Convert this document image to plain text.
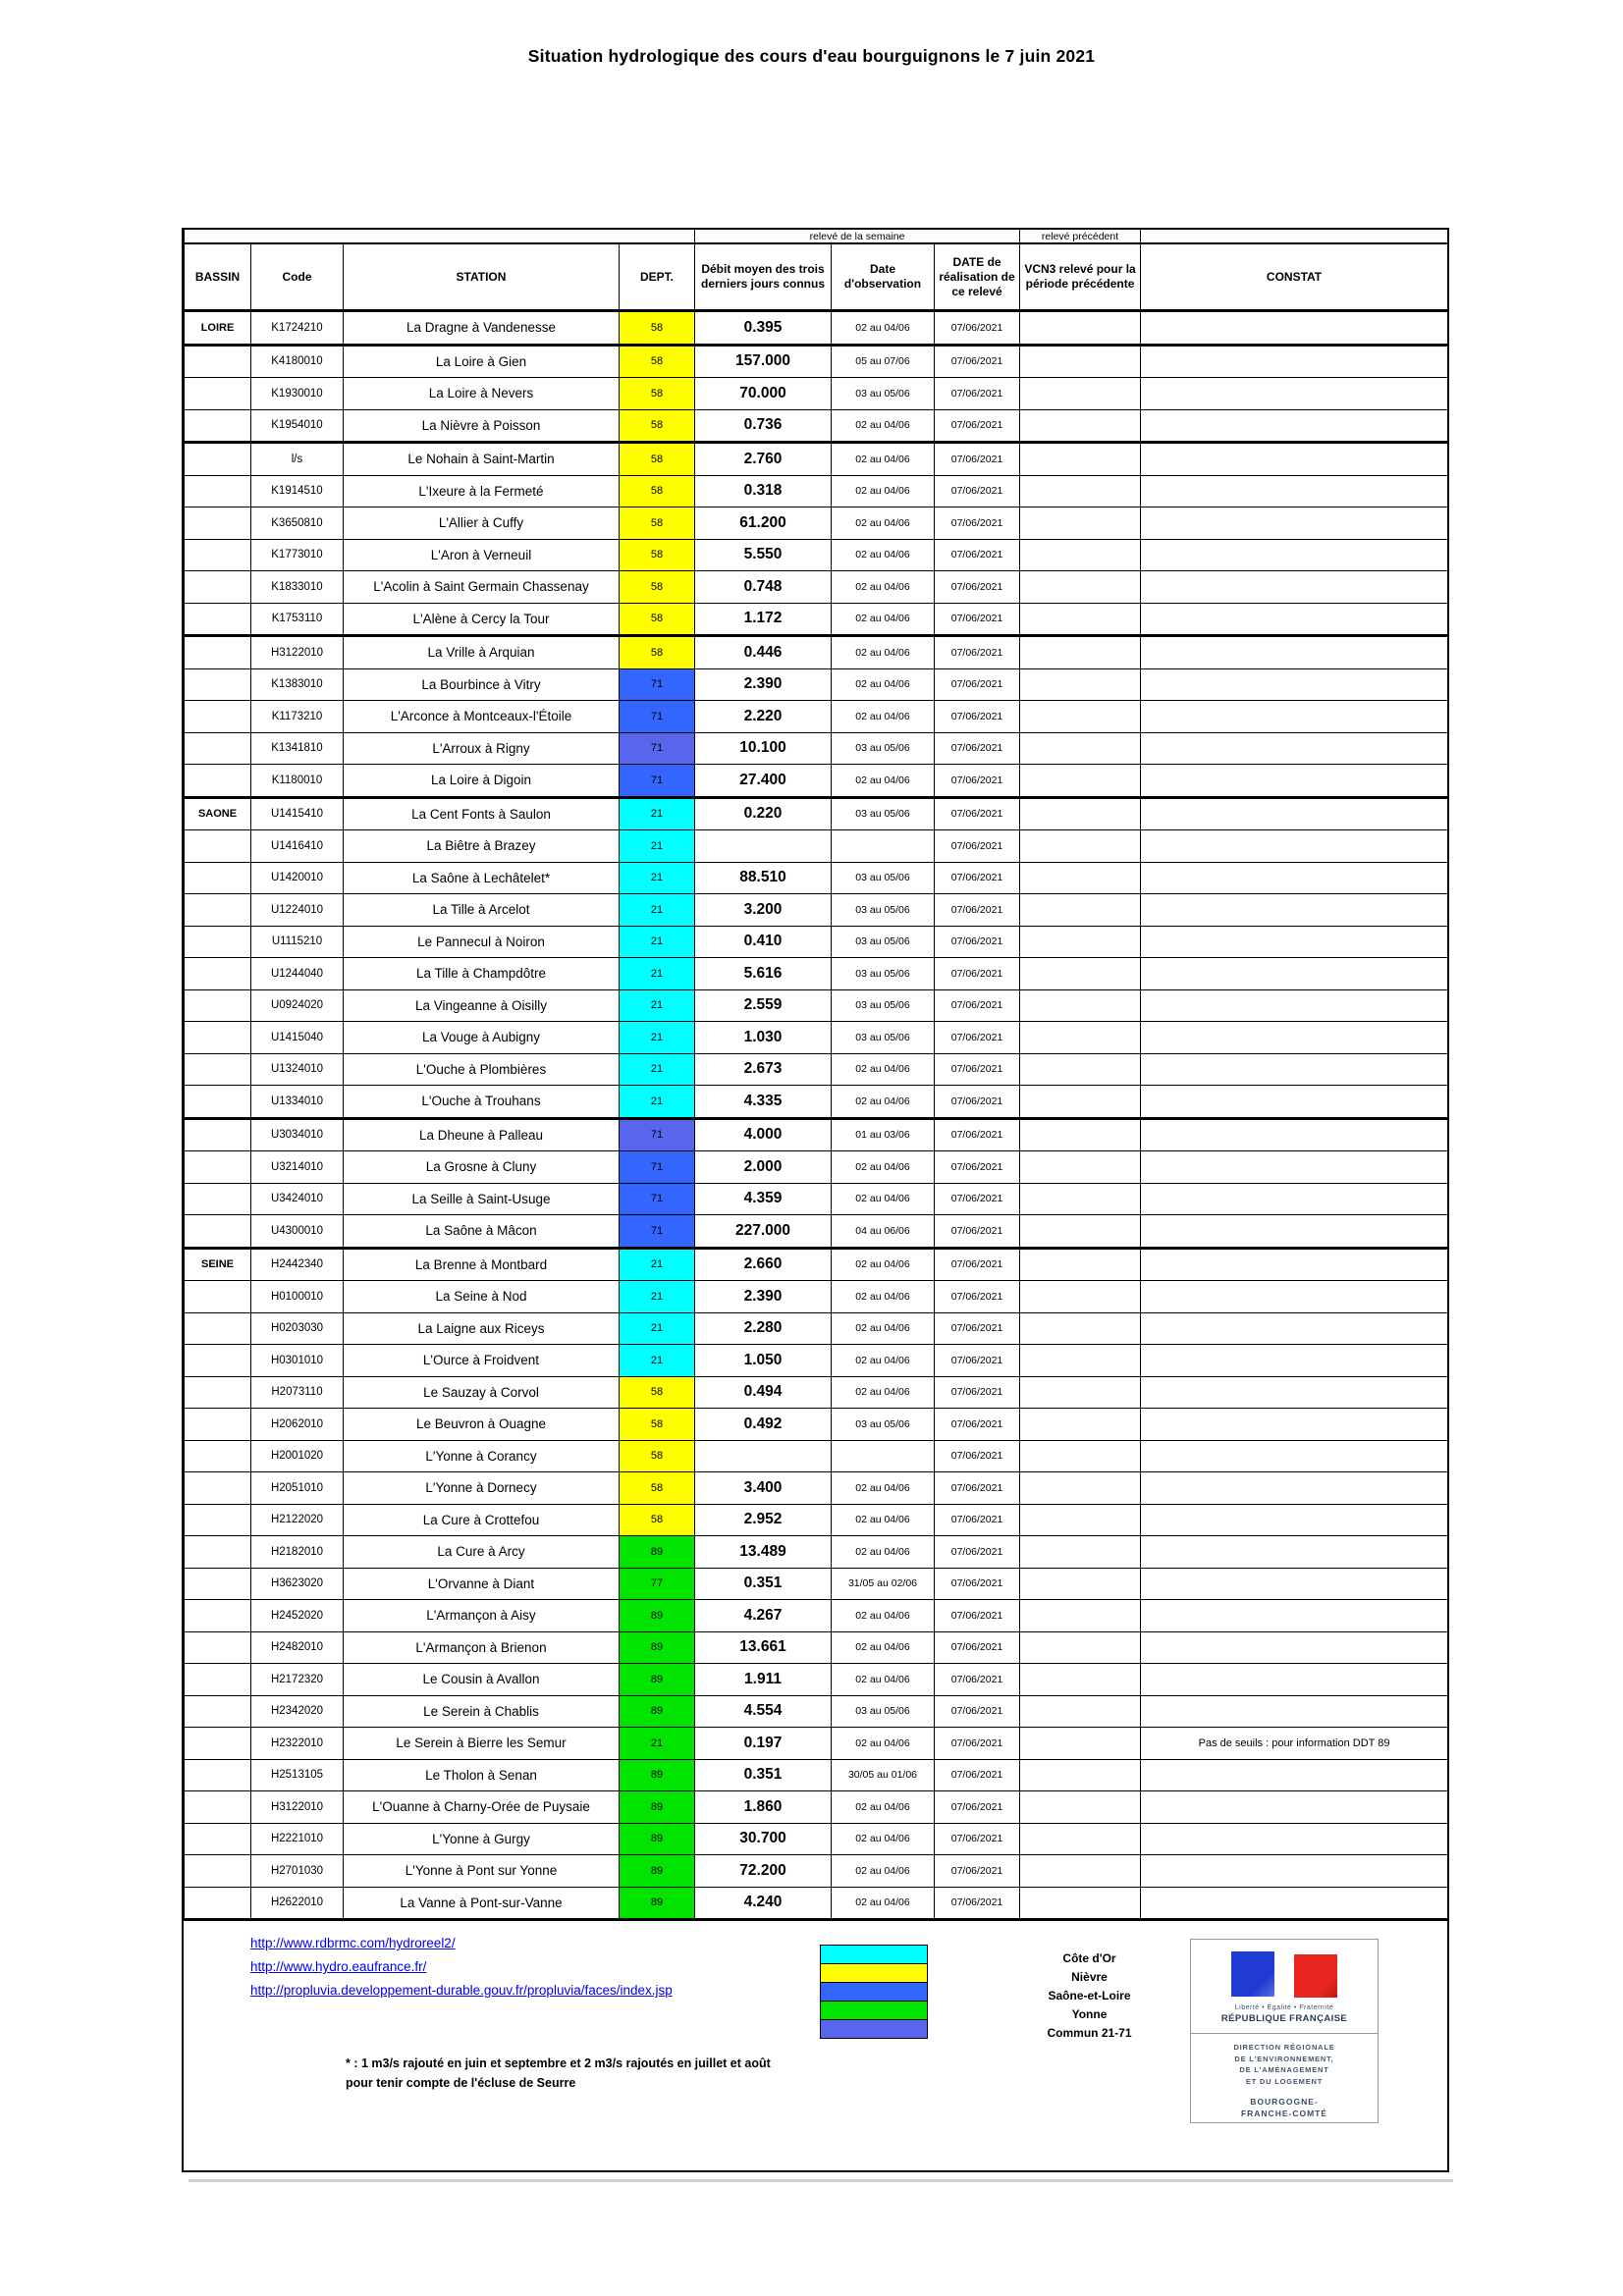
Situation hydrologique des cours d'eau bourguignons le 7 juin 2021
				relevé de la semaine			relevé précédent	
BASSIN	Code	STATION	DEPT.	Débit moyen des trois derniers jours connus	Date d'observation	DATE de réalisation de ce relevé	VCN3 relevé pour la période précédente	CONSTAT
LOIRE	K1724210	La Dragne à Vandenesse	58	0.395	02 au 04/06	07/06/2021		
	K4180010	La Loire à Gien	58	157.000	05 au 07/06	07/06/2021		
	K1930010	La Loire à Nevers	58	70.000	03 au 05/06	07/06/2021		
	K1954010	La Nièvre à Poisson	58	0.736	02 au 04/06	07/06/2021		
	l/s	Le Nohain à Saint-Martin	58	2.760	02 au 04/06	07/06/2021		
	K1914510	L'Ixeure à la Fermeté	58	0.318	02 au 04/06	07/06/2021		
	K3650810	L'Allier à Cuffy	58	61.200	02 au 04/06	07/06/2021		
	K1773010	L'Aron à Verneuil	58	5.550	02 au 04/06	07/06/2021		
	K1833010	L'Acolin à Saint Germain Chassenay	58	0.748	02 au 04/06	07/06/2021		
	K1753110	L'Alène à Cercy la Tour	58	1.172	02 au 04/06	07/06/2021		
	H3122010	La Vrille à Arquian	58	0.446	02 au 04/06	07/06/2021		
	K1383010	La Bourbince à Vitry	71	2.390	02 au 04/06	07/06/2021		
	K1173210	L'Arconce à Montceaux-l'Étoile	71	2.220	02 au 04/06	07/06/2021		
	K1341810	L'Arroux à Rigny	71	10.100	03 au 05/06	07/06/2021		
	K1180010	La Loire à Digoin	71	27.400	02 au 04/06	07/06/2021		
SAONE	U1415410	La Cent Fonts à Saulon	21	0.220	03 au 05/06	07/06/2021		
	U1416410	La Biêtre à Brazey	21			07/06/2021		
	U1420010	La Saône à Lechâtelet*	21	88.510	03 au 05/06	07/06/2021		
	U1224010	La Tille à Arcelot	21	3.200	03 au 05/06	07/06/2021		
	U1115210	Le Pannecul à Noiron	21	0.410	03 au 05/06	07/06/2021		
	U1244040	La Tille à Champdôtre	21	5.616	03 au 05/06	07/06/2021		
	U0924020	La Vingeanne à Oisilly	21	2.559	03 au 05/06	07/06/2021		
	U1415040	La Vouge à Aubigny	21	1.030	03 au 05/06	07/06/2021		
	U1324010	L'Ouche à Plombières	21	2.673	02 au 04/06	07/06/2021		
	U1334010	L'Ouche à Trouhans	21	4.335	02 au 04/06	07/06/2021		
	U3034010	La Dheune à Palleau	71	4.000	01 au 03/06	07/06/2021		
	U3214010	La Grosne à Cluny	71	2.000	02 au 04/06	07/06/2021		
	U3424010	La Seille à Saint-Usuge	71	4.359	02 au 04/06	07/06/2021		
	U4300010	La Saône à Mâcon	71	227.000	04 au 06/06	07/06/2021		
SEINE	H2442340	La Brenne à Montbard	21	2.660	02 au 04/06	07/06/2021		
	H0100010	La Seine à Nod	21	2.390	02 au 04/06	07/06/2021		
	H0203030	La Laigne aux Riceys	21	2.280	02 au 04/06	07/06/2021		
	H0301010	L'Ource à Froidvent	21	1.050	02 au 04/06	07/06/2021		
	H2073110	Le Sauzay à Corvol	58	0.494	02 au 04/06	07/06/2021		
	H2062010	Le Beuvron à Ouagne	58	0.492	03 au 05/06	07/06/2021		
	H2001020	L'Yonne à Corancy	58			07/06/2021		
	H2051010	L'Yonne à Dornecy	58	3.400	02 au 04/06	07/06/2021		
	H2122020	La Cure à Crottefou	58	2.952	02 au 04/06	07/06/2021		
	H2182010	La Cure à Arcy	89	13.489	02 au 04/06	07/06/2021		
	H3623020	L'Orvanne à Diant	77	0.351	31/05 au 02/06	07/06/2021		
	H2452020	L'Armançon à Aisy	89	4.267	02 au 04/06	07/06/2021		
	H2482010	L'Armançon à Brienon	89	13.661	02 au 04/06	07/06/2021		
	H2172320	Le Cousin à Avallon	89	1.911	02 au 04/06	07/06/2021		
	H2342020	Le Serein à Chablis	89	4.554	03 au 05/06	07/06/2021		
	H2322010	Le Serein à Bierre les Semur	21	0.197	02 au 04/06	07/06/2021		Pas de seuils : pour information DDT 89
	H2513105	Le Tholon à Senan	89	0.351	30/05 au 01/06	07/06/2021		
	H3122010	L'Ouanne à Charny-Orée de Puysaie	89	1.860	02 au 04/06	07/06/2021		
	H2221010	L'Yonne à Gurgy	89	30.700	02 au 04/06	07/06/2021		
	H2701030	L'Yonne à Pont sur Yonne	89	72.200	02 au 04/06	07/06/2021		
	H2622010	La Vanne à Pont-sur-Vanne	89	4.240	02 au 04/06	07/06/2021		
http://www.rdbrmc.com/hydroreel2/
http://www.hydro.eaufrance.fr/
http://propluvia.developpement-durable.gouv.fr/propluvia/faces/index.jsp
Côte d'Or
Nièvre
Saône-et-Loire
Yonne
Commun 21-71
* : 1 m3/s rajouté en juin et septembre et 2 m3/s rajoutés en juillet et août
pour tenir compte de l'écluse de Seurre
Liberté • Égalité • Fraternité
RÉPUBLIQUE FRANÇAISE
DIRECTION RÉGIONALE
DE L'ENVIRONNEMENT,
DE L'AMÉNAGEMENT
ET DU LOGEMENT
BOURGOGNE-
FRANCHE-COMTÉ
